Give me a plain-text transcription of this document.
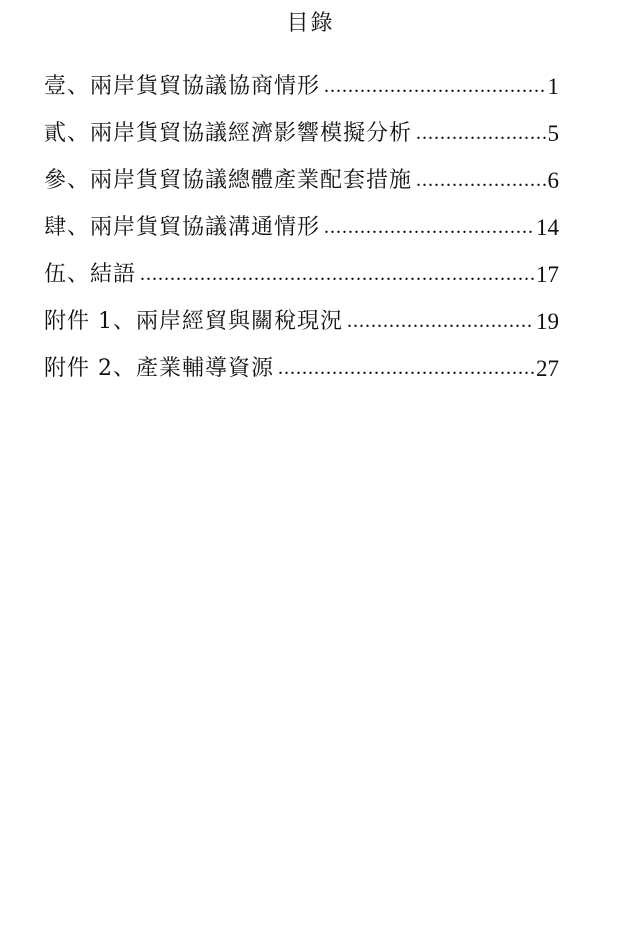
目錄
壹、兩岸貨貿協議協商情形 .....	1
貳、兩岸貨貿協議經濟影響模擬分析 .....	5
參、兩岸貨貿協議總體產業配套措施 .....	6
肆、兩岸貨貿協議溝通情形 .....	14
伍、結語 .....	17
附件 1、兩岸經貿與關稅現況 .....	19
附件 2、產業輔導資源 .....	27
